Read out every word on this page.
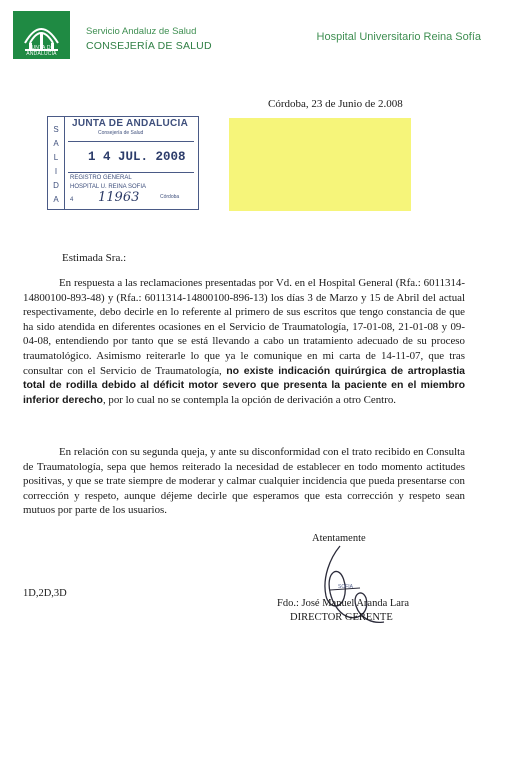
JUNTA DE ANDALUCIA
Servicio Andaluz de Salud
CONSEJERÍA DE SALUD
Hospital Universitario Reina Sofía
Córdoba, 23 de Junio de 2.008
S
A
L
I
D
A
JUNTA DE ANDALUCIA
Consejería de Salud
1 4 JUL. 2008
REGISTRO GENERAL
HOSPITAL U. REINA SOFIA
4 11963	Córdoba
Estimada Sra.:
En respuesta a las reclamaciones presentadas por Vd. en el Hospital General (Rfa.: 6011314-14800100-893-48) y (Rfa.: 6011314-14800100-896-13) los días 3 de Marzo y 15 de Abril del actual respectivamente, debo decirle en lo referente al primero de sus escritos que tengo constancia de que ha sido atendida en diferentes ocasiones en el Servicio de Traumatología, 17-01-08, 21-01-08 y 09-04-08, entendiendo por tanto que se está llevando a cabo un tratamiento adecuado de su proceso traumatológico. Asimismo reiterarle lo que ya le comunique en mi carta de 14-11-07, que tras consultar con el Servicio de Traumatología, no existe indicación quirúrgica de artroplastia total de rodilla debido al déficit motor severo que presenta la paciente en el miembro inferior derecho, por lo cual no se contempla la opción de derivación a otro Centro.
En relación con su segunda queja, y ante su disconformidad con el trato recibido en Consulta de Traumatología, sepa que hemos reiterado la necesidad de establecer en todo momento actitudes positivas, y que se trate siempre de moderar y calmar cualquier incidencia que pueda presentarse con corrección y respeto, aunque déjeme decirle que esperamos que esta corrección y respeto sean mutuos por parte de los usuarios.
Atentamente
SOFIA
1D,2D,3D
Fdo.: José Manuel Aranda Lara
DIRECTOR GERENTE
